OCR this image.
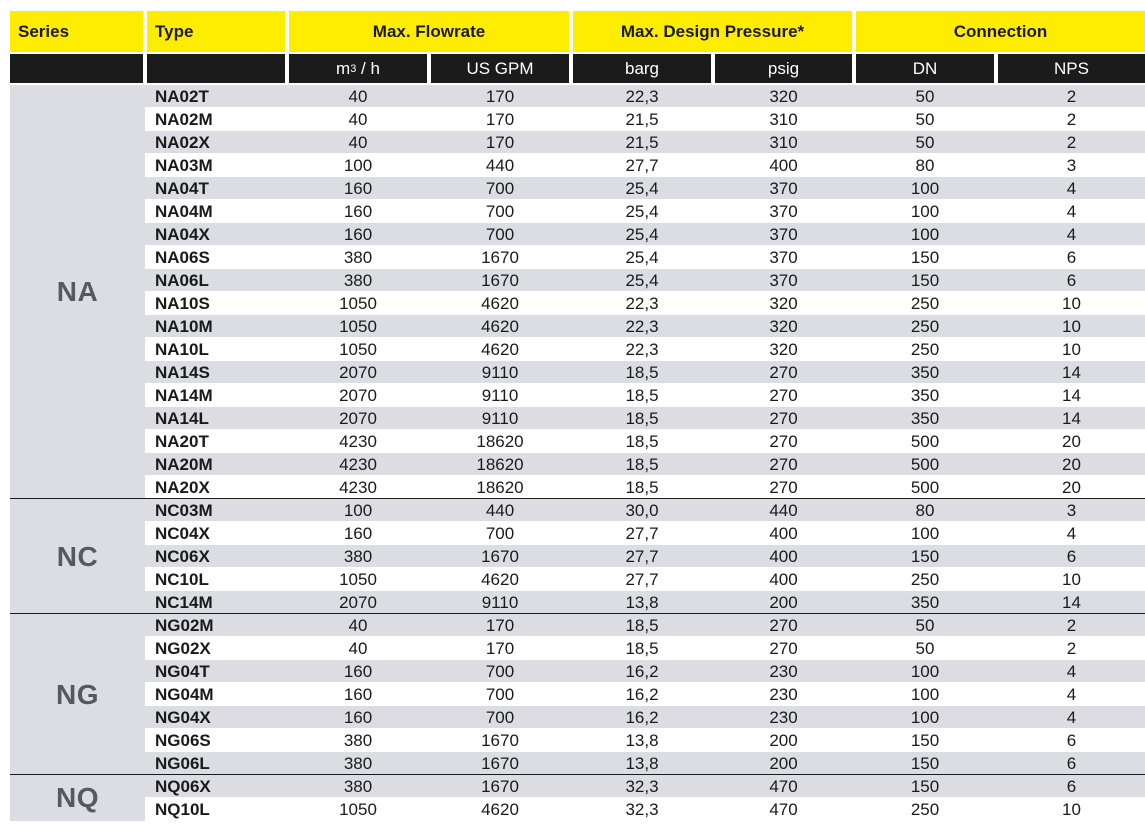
Series	Type	Max. Flowrate	Max. Design Pressure*	Connection
m 3 / h	US GPM	barg	psig	DN	NPS
NA
NA02T	40	170	22,3	320	50	2
NA02M	40	170	21,5	310	50	2
NA02X	40	170	21,5	310	50	2
NA03M	100	440	27,7	400	80	3
NA04T	160	700	25,4	370	100	4
NA04M	160	700	25,4	370	100	4
NA04X	160	700	25,4	370	100	4
NA06S	380	1670	25,4	370	150	6
NA06L	380	1670	25,4	370	150	6
NA10S	1050	4620	22,3	320	250	10
NA10M	1050	4620	22,3	320	250	10
NA10L	1050	4620	22,3	320	250	10
NA14S	2070	9110	18,5	270	350	14
NA14M	2070	9110	18,5	270	350	14
NA14L	2070	9110	18,5	270	350	14
NA20T	4230	18620	18,5	270	500	20
NA20M	4230	18620	18,5	270	500	20
NA20X	4230	18620	18,5	270	500	20
NC
NC03M	100	440	30,0	440	80	3
NC04X	160	700	27,7	400	100	4
NC06X	380	1670	27,7	400	150	6
NC10L	1050	4620	27,7	400	250	10
NC14M	2070	9110	13,8	200	350	14
NG
NG02M	40	170	18,5	270	50	2
NG02X	40	170	18,5	270	50	2
NG04T	160	700	16,2	230	100	4
NG04M	160	700	16,2	230	100	4
NG04X	160	700	16,2	230	100	4
NG06S	380	1670	13,8	200	150	6
NG06L	380	1670	13,8	200	150	6
NQ	NQ06X	380	1670	32,3	470	150	6
NQ10L	1050	4620	32,3	470	250	10
